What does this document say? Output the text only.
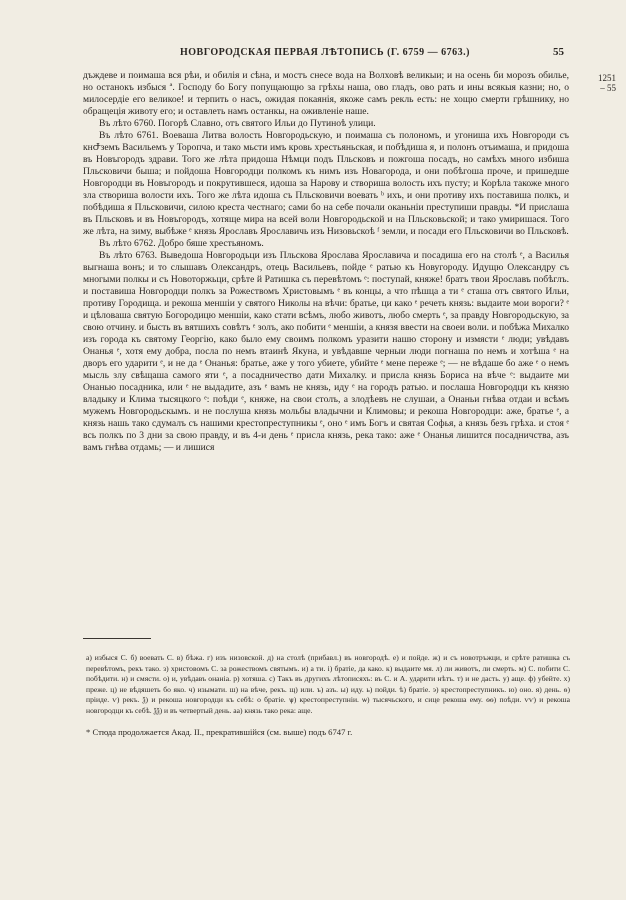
НОВГОРОДСКАЯ ПЕРВАЯ ЛѢТОПИСЬ (Г. 6759 — 6763.)	55
1251
– 55

дъждеве и поимаша вся рѣи, и обилія и сѣна, и мостъ снесе вода на Волховѣ великыи; и на осень би морозъ обилье, но останокъ избыся ª. Господу бо Богу попущающю за грѣхы наша, ово гладъ, ово рать и ины всякыя казни; но, о милосердіе его великое! и терпить о насъ, ожидая покаянія, якоже самъ рекль есть: не хощю смерти грѣшнику, но обращеція животу его; и оставлеть намъ останкы, на оживленіе наше.

Въ лѣто 6760. Погорѣ Славно, отъ святого Ильи до Путиноѣ улици.

Въ лѣто 6761. Воеваша Литва волость Новгородьскую, и поимаша съ полономъ, и угониша ихъ Новгороди съ кнԺземъ Васильемъ у Торопча, и тако мьсти имъ кровь хрестьяньская, и побѣдиша я, и полонъ отъимаша, и придоша въ Новъгородъ здрави. Того же лѣта придоша Нѣмци подъ Пльсковъ и пожгоша посадъ, но самѣхъ много избиша Пльсковичи быша; и пойдоша Новгородци полкомъ къ нимъ изъ Новагорода, и они побѣгоша проче, и пришедше Новгородци въ Новъгородъ и покрутившеся, идоша за Нарову и створиша волость ихъ пусту; и Корѣла такоже много зла створиша волости ихъ. Того же лѣта идоша съ Пльсковичи воевать ᵇ ихъ, и они противу ихъ поставиша полкъ, и побѣдиша я Пльсковичи, силою креста честнаго; сами бо на себе почали оканьніи преступиши правды. *И прислаша въ Пльсковъ и въ Новъгородъ, хотяще мира на всей воли Новгородьской и на Пльсковьской; и тако умиришася. Того же лѣта, на зиму, выбѣже ᵉ князь Ярославъ Ярославичь изъ Низовьскоѣ ᶠ земли, и посади его Пльсковичи во Пльсковѣ.

Въ лѣто 6762. Добро бяше хрестьяномъ.

Въ лѣто 6763. Выведоша Новгородьци изъ Пльскова Ярослава Ярославича и посадиша его на столѣ ᵉ, а Василья выгнаша вонъ; и то слышавъ Олександръ, отець Васильевъ, пойде ᵉ ратью къ Новугороду. Идущю Олександру съ многыми полкы и съ Новоторжьци, срѣте й Ратишка съ перевѣтомъ ᵉ: поступай, княже! братъ твои Ярославъ побѣглъ. и поставиша Новгородци полкъ за Рожествомъ Христовымъ ᵉ въ концы, а что пѣшца а ти ᵉ сташа отъ святого Ильи, противу Городища. и рекоша меншіи у святого Николы на вѣчи: братье, ци како ᵉ речеть князь: выдаите мои вороги? ᵉ и цѣловаша святую Богородицю меншіи, како стати всѣмъ, любо животъ, любо смерть ᵉ, за правду Новгородьскую, за свою отчину. и бысть въ вятшихъ совѣтъ ᵉ золъ, ако побити ᵉ меншіи, а князя ввести на своеи воли. и побѣжа Михалко изъ города къ святому Георгію, како было ему своимъ полкомъ уразити нашю сторону и измясти ᵉ люди; увѣдавъ Онанья ᵉ, хотя ему добра, посла по немъ втаинѣ Якуна, и увѣдавше черныи люди погнаша по немъ и хотѣша ᵉ на дворъ его ударити ᵉ, и не да ᵉ Онанья: братье, аже у того убиете, убийте ᵉ мене переже ᵉ; — не вѣдаше бо аже ᵉ о немъ мысль злу свѣщаша самого яти ᵉ, а посадничество дати Михалку. и присла князь Бориса на вѣче ᵉ: выдаите ми Онанью посадника, или ᵉ не выдадите, азъ ᵉ вамъ не князь, иду ᵉ на городъ ратью. и послаша Новгородци къ князю владыку и Клима тысяцкого ᵉ: поѣди ᵉ, княже, на свои столъ, а злодѣевъ не слушаи, а Онаньи гнѣва отдаи и всѣмъ мужемъ Новгородьскымъ. и не послуша князь мольбы владычни и Климовы; и рекоша Новгородци: аже, братье ᵉ, а князь нашь тако сдумалъ съ нашими крестопреступникы ᵉ, оно ᵉ имъ Богъ и святая Софья, а князь безъ грѣха. и стоя ᵉ всь полкъ по 3 дни за свою правду, и въ 4-и день ᵉ присла князь, река тако: аже ᵉ Онанья лишится посадничства, азъ вамъ гнѣва отдамь; — и лишися

а) избыся С. б) воевать С. в) бѣжа. г) изъ низовской. д) на столѣ (прибавл.) въ новгородѣ. е) и пойде. ж) и съ новотръжци, и срѣте ратишка съ перевѣтомъ, рекъ тако. з) христовомъ С. за рожествомъ святымъ. и) а ти. і) братіе, да како. к) выдаите мя. л) ли животъ, ли смерть. м) С. побити С. побѣдити. н) и смясти. о) и, увѣдавъ онаніа. р) хотяша. с) Такъ въ другихъ лѣтописяхъ: въ С. и А. ударити нѣтъ. т) и не дасть. у) аще. ф) убейте. х) преже. ц) не вѣдяшеть бо яко. ч) изымати. ш) на вѣче, рекъ. щ) или. ъ) азъ. ы) иду. ь) пойди. ѣ) братіе. э) крестопреступникъ. ю) оно. я) день. ѳ) пріиде. ѵ) рекъ. ѯ) и рекоша новгородци къ себѣ: о братіе. ѱ) крестопреступніи. ѡ) тысячьского, и сице рекоша ему. ѳѳ) поѣди. ѵѵ) и рекоша новгородци къ себѣ. ѯѯ) и въ четвертый день. аа) князь тако река: аще.

* Стюда продолжается Акад. II., прекратившійся (см. выше) подъ 6747 г.
